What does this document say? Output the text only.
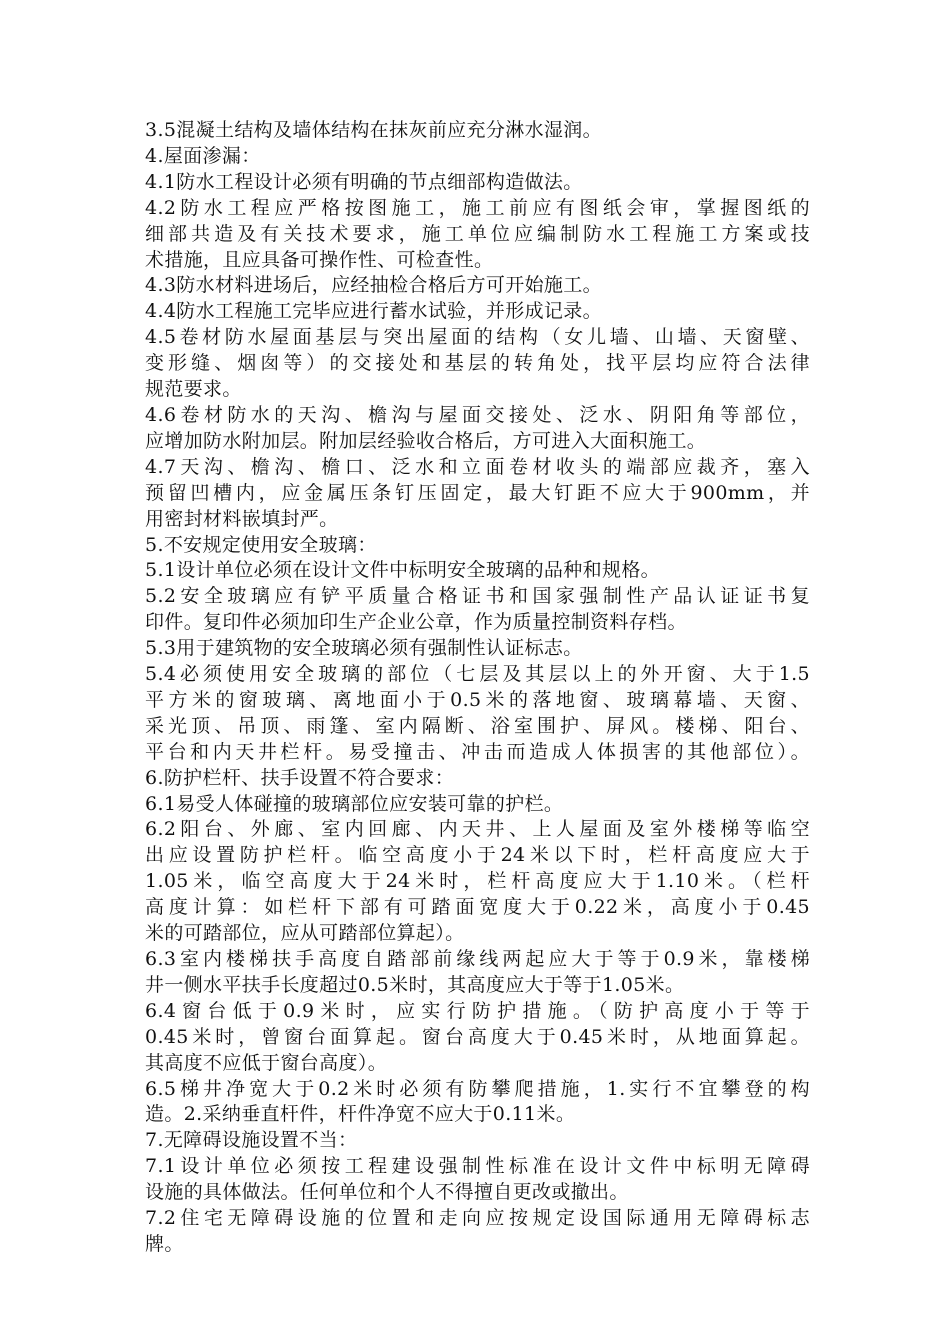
3.5混凝土结构及墙体结构在抹灰前应充分淋水湿润。
4.屋面渗漏：
4.1防水工程设计必须有明确的节点细部构造做法。
4.2防水工程应严格按图施工，施工前应有图纸会审，掌握图纸的
细部共造及有关技术要求，施工单位应编制防水工程施工方案或技
术措施，且应具备可操作性、可检查性。
4.3防水材料进场后，应经抽检合格后方可开始施工。
4.4防水工程施工完毕应进行蓄水试验，并形成记录。
4.5卷材防水屋面基层与突出屋面的结构（女儿墙、山墙、天窗壁、
变形缝、烟囱等）的交接处和基层的转角处，找平层均应符合法律
规范要求。
4.6卷材防水的天沟、檐沟与屋面交接处、泛水、阴阳角等部位，
应增加防水附加层。附加层经验收合格后，方可进入大面积施工。
4.7天沟、檐沟、檐口、泛水和立面卷材收头的端部应裁齐，塞入
预留凹槽内，应金属压条钉压固定，最大钉距不应大于900mm，并
用密封材料嵌填封严。
5.不安规定使用安全玻璃：
5.1设计单位必须在设计文件中标明安全玻璃的品种和规格。
5.2安全玻璃应有铲平质量合格证书和国家强制性产品认证证书复
印件。复印件必须加印生产企业公章，作为质量控制资料存档。
5.3用于建筑物的安全玻璃必须有强制性认证标志。
5.4必须使用安全玻璃的部位（七层及其层以上的外开窗、大于1.5
平方米的窗玻璃、离地面小于0.5米的落地窗、玻璃幕墙、天窗、
采光顶、吊顶、雨篷、室内隔断、浴室围护、屏风。楼梯、阳台、
平台和内天井栏杆。易受撞击、冲击而造成人体损害的其他部位）。
6.防护栏杆、扶手设置不符合要求：
6.1易受人体碰撞的玻璃部位应安装可靠的护栏。
6.2阳台、外廊、室内回廊、内天井、上人屋面及室外楼梯等临空
出应设置防护栏杆。临空高度小于24米以下时，栏杆高度应大于
1.05米，临空高度大于24米时，栏杆高度应大于1.10米。（栏杆
高度计算：如栏杆下部有可踏面宽度大于0.22米，高度小于0.45
米的可踏部位，应从可踏部位算起）。
6.3室内楼梯扶手高度自踏部前缘线两起应大于等于0.9米，靠楼梯
井一侧水平扶手长度超过0.5米时，其高度应大于等于1.05米。
6.4窗台低于0.9米时，应实行防护措施。（防护高度小于等于
0.45米时，曾窗台面算起。窗台高度大于0.45米时，从地面算起。
其高度不应低于窗台高度）。
6.5梯井净宽大于0.2米时必须有防攀爬措施，1.实行不宜攀登的构
造。2.采纳垂直杆件，杆件净宽不应大于0.11米。
7.无障碍设施设置不当：
7.1设计单位必须按工程建设强制性标准在设计文件中标明无障碍
设施的具体做法。任何单位和个人不得擅自更改或撤出。
7.2住宅无障碍设施的位置和走向应按规定设国际通用无障碍标志
牌。
